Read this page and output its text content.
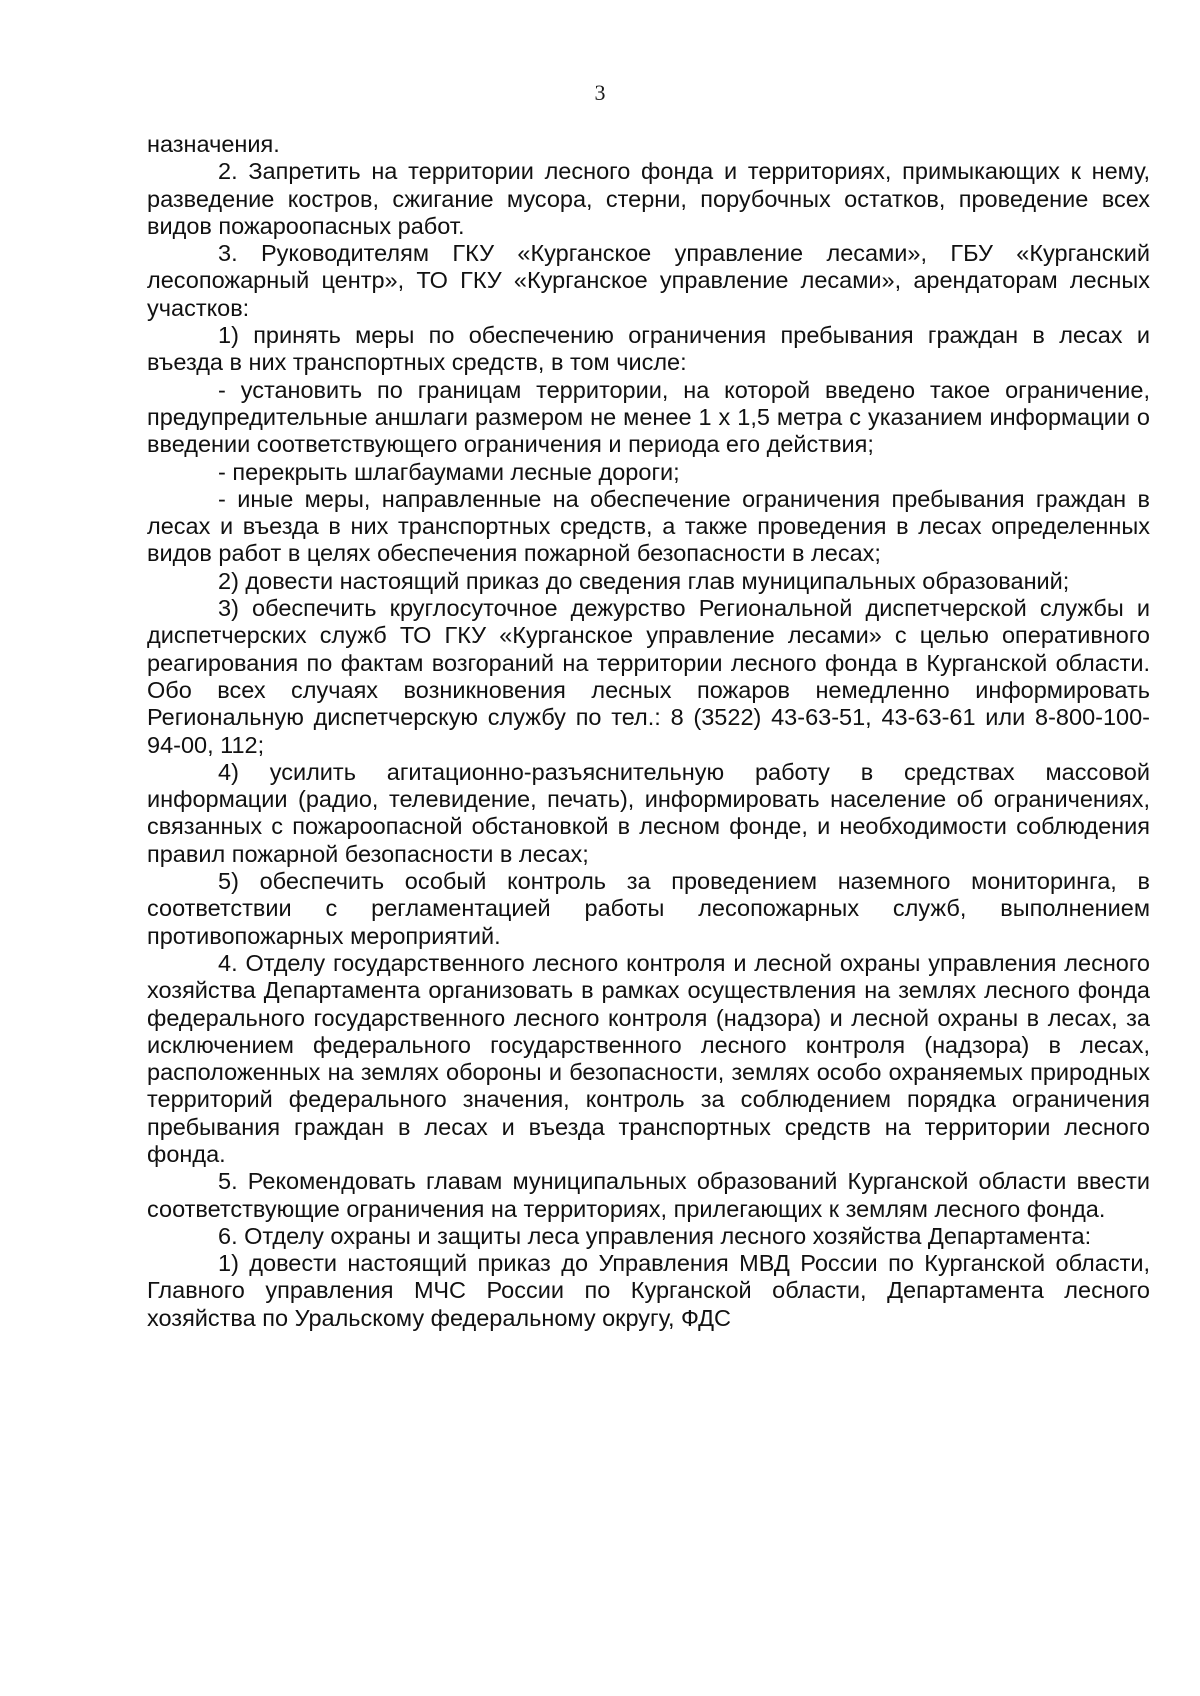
3

назначения.

2. Запретить на территории лесного фонда и территориях, примыкающих к нему, разведение костров, сжигание мусора, стерни, порубочных остатков, проведение всех видов пожароопасных работ.

3. Руководителям ГКУ «Курганское управление лесами», ГБУ «Курганский лесопожарный центр», ТО ГКУ «Курганское управление лесами», арендаторам лесных участков:

1) принять меры по обеспечению ограничения пребывания граждан в лесах и въезда в них транспортных средств, в том числе:

- установить по границам территории, на которой введено такое ограничение, предупредительные аншлаги размером не менее 1 х 1,5 метра с указанием информации о введении соответствующего ограничения и периода его действия;

- перекрыть шлагбаумами лесные дороги;

- иные меры, направленные на обеспечение ограничения пребывания граждан в лесах и въезда в них транспортных средств, а также проведения в лесах определенных видов работ в целях обеспечения пожарной безопасности в лесах;

2) довести настоящий приказ до сведения глав муниципальных образований;

3) обеспечить круглосуточное дежурство Региональной диспетчерской службы и диспетчерских служб ТО ГКУ «Курганское управление лесами» с целью оперативного реагирования по фактам возгораний на территории лесного фонда в Курганской области. Обо всех случаях возникновения лесных пожаров немедленно информировать Региональную диспетчерскую службу по тел.: 8 (3522) 43-63-51, 43-63-61 или 8-800-100-94-00, 112;

4) усилить агитационно-разъяснительную работу в средствах массовой информации (радио, телевидение, печать), информировать население об ограничениях, связанных с пожароопасной обстановкой в лесном фонде, и необходимости соблюдения правил пожарной безопасности в лесах;

5) обеспечить особый контроль за проведением наземного мониторинга, в соответствии с регламентацией работы лесопожарных служб, выполнением противопожарных мероприятий.

4. Отделу государственного лесного контроля и лесной охраны управления лесного хозяйства Департамента организовать в рамках осуществления на землях лесного фонда федерального государственного лесного контроля (надзора) и лесной охраны в лесах, за исключением федерального государственного лесного контроля (надзора) в лесах, расположенных на землях обороны и безопасности, землях особо охраняемых природных территорий федерального значения, контроль за соблюдением порядка ограничения пребывания граждан в лесах и въезда транспортных средств на территории лесного фонда.

5. Рекомендовать главам муниципальных образований Курганской области ввести соответствующие ограничения на территориях, прилегающих к землям лесного фонда.

6. Отделу охраны и защиты леса управления лесного хозяйства Департамента:

1) довести настоящий приказ до Управления МВД России по Курганской области, Главного управления МЧС России по Курганской области, Департамента лесного хозяйства по Уральскому федеральному округу, ФДС
